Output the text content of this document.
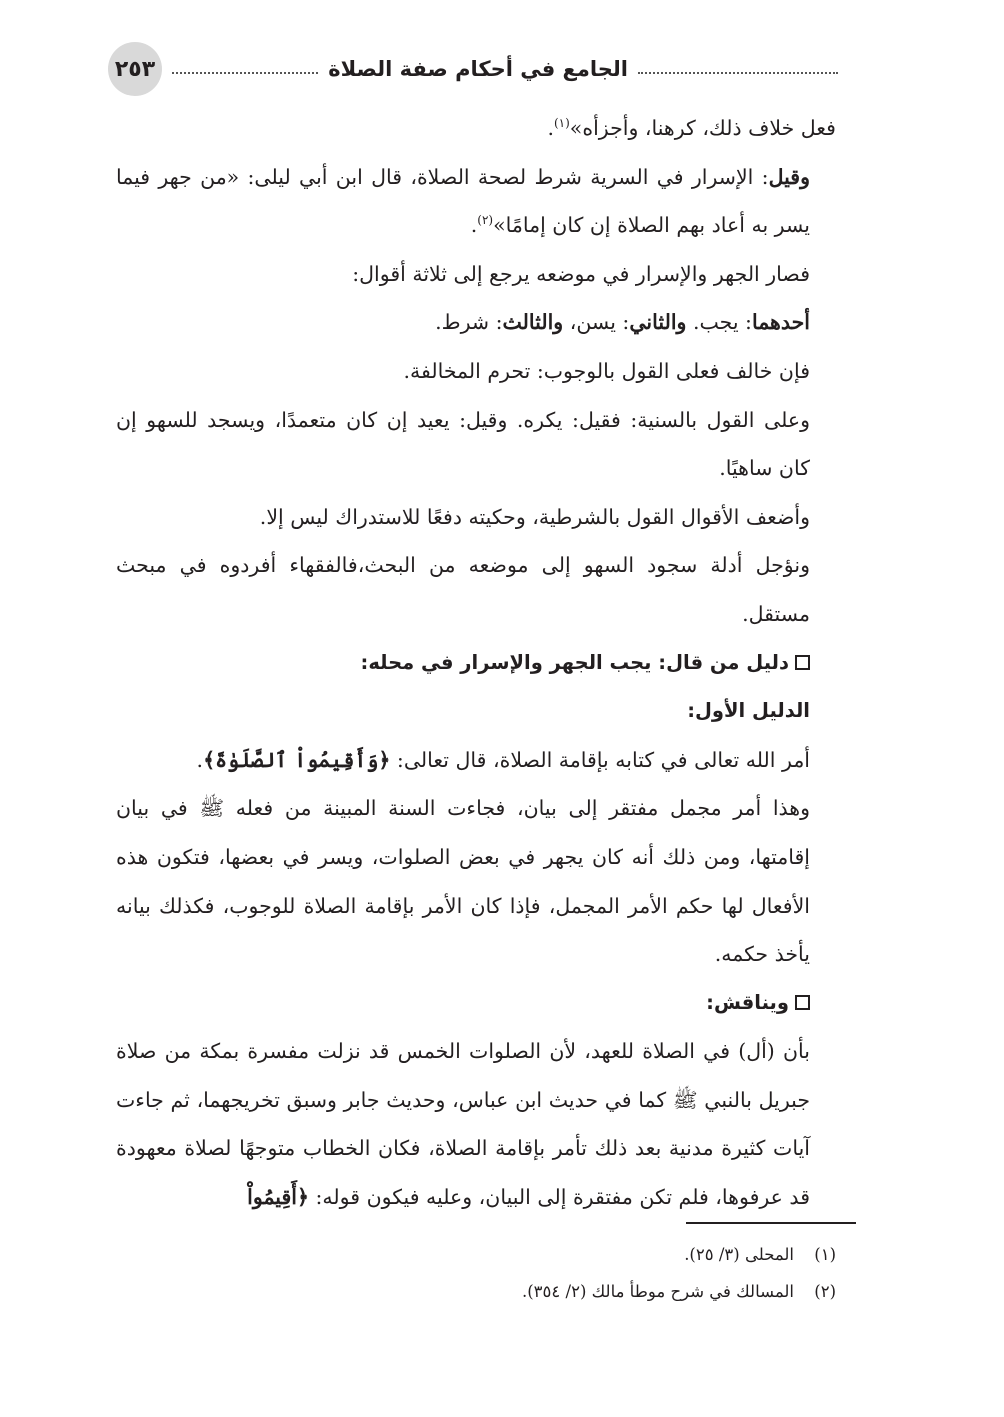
الجامع في أحكام صفة الصلاة
٢٥٣

فعل خلاف ذلك، كرهنا، وأجزأه»$^{(١)}$.

وقيل: الإسرار في السرية شرط لصحة الصلاة، قال ابن أبي ليلى: «من جهر فيما يسر به أعاد بهم الصلاة إن كان إمامًا»$^{(٢)}$.

فصار الجهر والإسرار في موضعه يرجع إلى ثلاثة أقوال:

أحدهما: يجب. والثاني: يسن، والثالث: شرط.

فإن خالف فعلى القول بالوجوب: تحرم المخالفة.

وعلى القول بالسنية: فقيل: يكره. وقيل: يعيد إن كان متعمدًا، ويسجد للسهو إن كان ساهيًا.

وأضعف الأقوال القول بالشرطية، وحكيته دفعًا للاستدراك ليس إلا.

ونؤجل أدلة سجود السهو إلى موضعه من البحث،فالفقهاء أفردوه في مبحث مستقل.

دليل من قال: يجب الجهر والإسرار في محله:

الدليل الأول:

أمر الله تعالى في كتابه بإقامة الصلاة، قال تعالى: ﴿وَأَقِيمُواْ ٱلصَّلَوٰةَ﴾.

وهذا أمر مجمل مفتقر إلى بيان، فجاءت السنة المبينة من فعله ﷺ في بيان إقامتها، ومن ذلك أنه كان يجهر في بعض الصلوات، ويسر في بعضها، فتكون هذه الأفعال لها حكم الأمر المجمل، فإذا كان الأمر بإقامة الصلاة للوجوب، فكذلك بيانه يأخذ حكمه.

ويناقش:

بأن (أل) في الصلاة للعهد، لأن الصلوات الخمس قد نزلت مفسرة بمكة من صلاة جبريل بالنبي ﷺ كما في حديث ابن عباس، وحديث جابر وسبق تخريجهما، ثم جاءت آيات كثيرة مدنية بعد ذلك تأمر بإقامة الصلاة، فكان الخطاب متوجهًا لصلاة معهودة قد عرفوها، فلم تكن مفتقرة إلى البيان، وعليه فيكون قوله: ﴿أَقِيمُواْ

(١)
المحلى (٣/ ٢٥).
(٢)
المسالك في شرح موطأ مالك (٢/ ٣٥٤).
